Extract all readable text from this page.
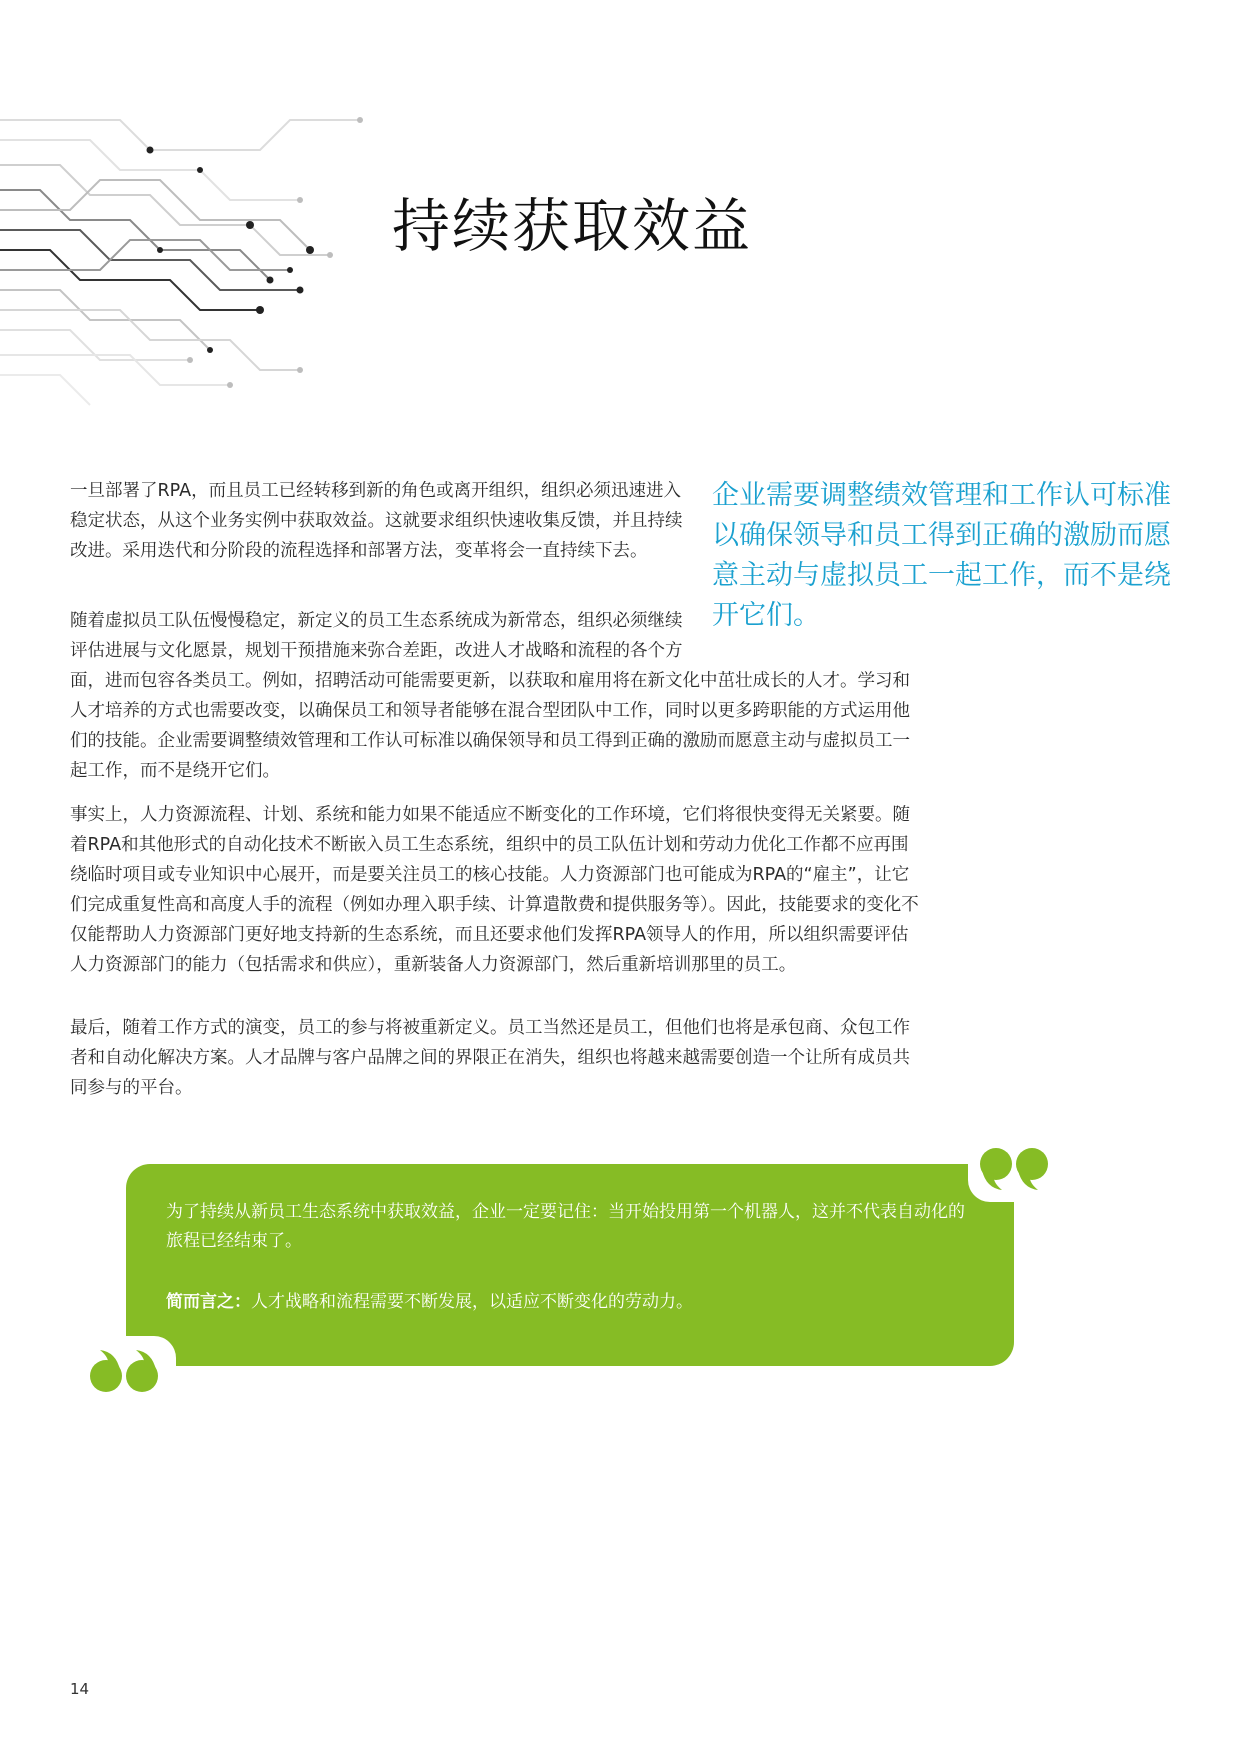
持续获取效益

企业需要调整绩效管理和工作认可标准以确保领导和员工得到正确的激励而愿意主动与虚拟员工一起工作，而不是绕开它们。

一旦部署了RPA，而且员工已经转移到新的角色或离开组织，组织必须迅速进入稳定状态，从这个业务实例中获取效益。这就要求组织快速收集反馈，并且持续改进。采用迭代和分阶段的流程选择和部署方法，变革将会一直持续下去。

随着虚拟员工队伍慢慢稳定，新定义的员工生态系统成为新常态，组织必须继续评估进展与文化愿景，规划干预措施来弥合差距，改进人才战略和流程的各个方面，进而包容各类员工。例如，招聘活动可能需要更新，以获取和雇用将在新文化中茁壮成长的人才。学习和人才培养的方式也需要改变，以确保员工和领导者能够在混合型团队中工作，同时以更多跨职能的方式运用他们的技能。企业需要调整绩效管理和工作认可标准以确保领导和员工得到正确的激励而愿意主动与虚拟员工一起工作，而不是绕开它们。

事实上，人力资源流程、计划、系统和能力如果不能适应不断变化的工作环境，它们将很快变得无关紧要。随着RPA和其他形式的自动化技术不断嵌入员工生态系统，组织中的员工队伍计划和劳动力优化工作都不应再围绕临时项目或专业知识中心展开，而是要关注员工的核心技能。人力资源部门也可能成为RPA的“雇主”，让它们完成重复性高和高度人手的流程（例如办理入职手续、计算遣散费和提供服务等）。因此，技能要求的变化不仅能帮助人力资源部门更好地支持新的生态系统，而且还要求他们发挥RPA领导人的作用，所以组织需要评估人力资源部门的能力（包括需求和供应），重新装备人力资源部门，然后重新培训那里的员工。

最后，随着工作方式的演变，员工的参与将被重新定义。员工当然还是员工，但他们也将是承包商、众包工作者和自动化解决方案。人才品牌与客户品牌之间的界限正在消失，组织也将越来越需要创造一个让所有成员共同参与的平台。

为了持续从新员工生态系统中获取效益，企业一定要记住：当开始投用第一个机器人，这并不代表自动化的旅程已经结束了。

简而言之：人才战略和流程需要不断发展，以适应不断变化的劳动力。

14
